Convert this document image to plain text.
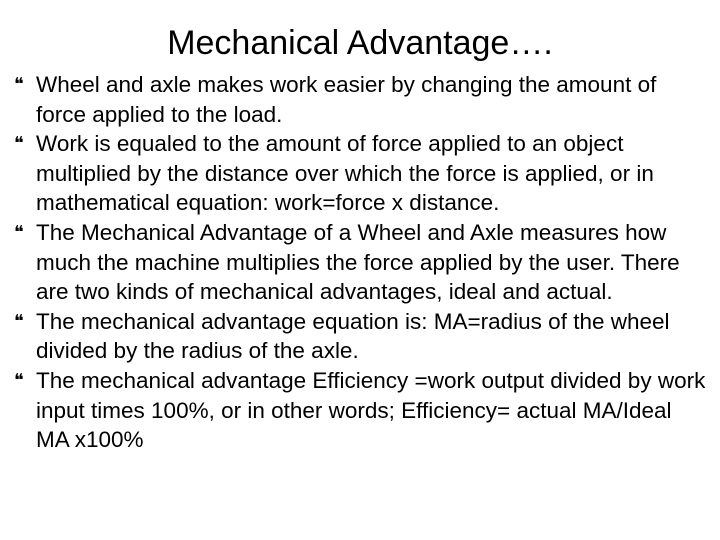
Mechanical Advantage….
❝ Wheel and axle makes work easier by changing the amount of force applied to the load.
❝ Work is equaled to the amount of force applied to an object multiplied by the distance over which the force is applied, or in mathematical equation: work=force x distance.
❝ The Mechanical Advantage of a Wheel and Axle measures how much the machine multiplies the force applied by the user. There are two kinds of mechanical advantages, ideal and actual.
❝ The mechanical advantage equation is: MA=radius of the wheel divided by the radius of the axle.
❝ The mechanical advantage Efficiency =work output divided by work input times 100%, or in other words; Efficiency= actual MA/Ideal MA x100%
